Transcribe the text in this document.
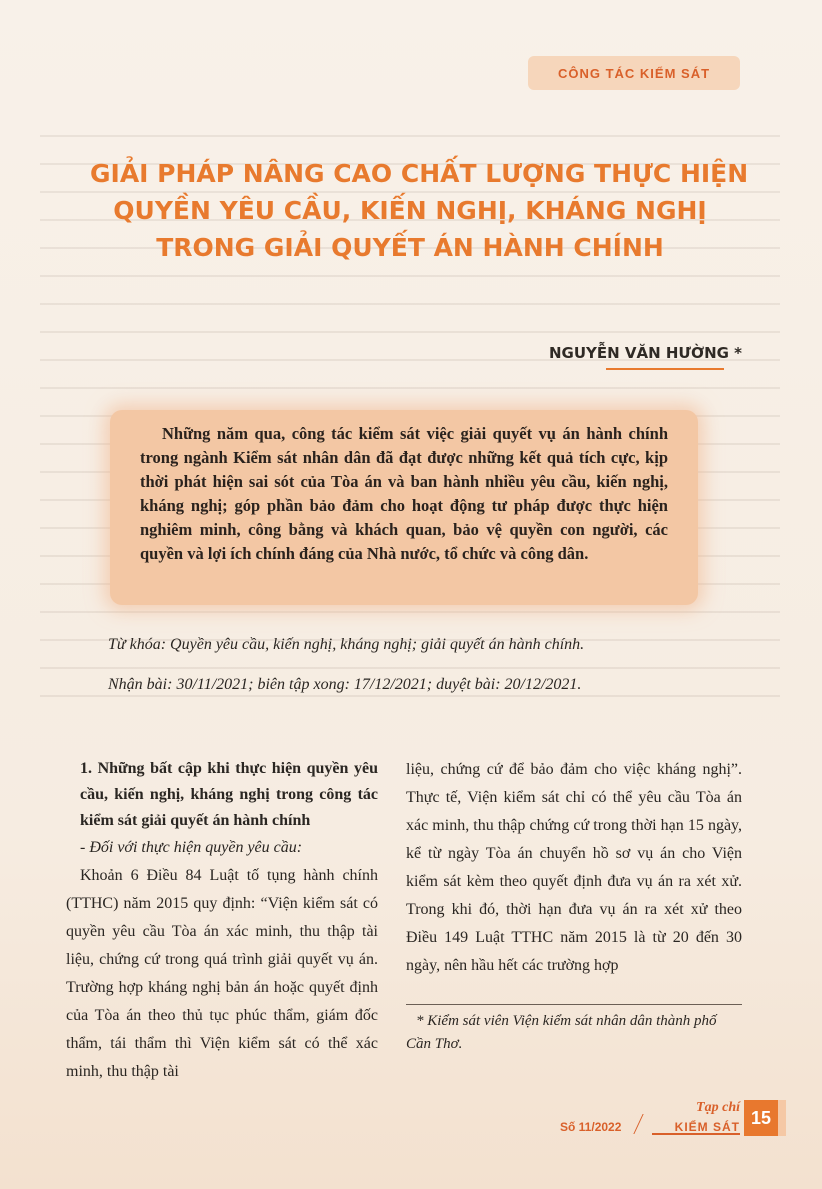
CÔNG TÁC KIỂM SÁT
GIẢI PHÁP NÂNG CAO CHẤT LƯỢNG THỰC HIỆN
QUYỀN YÊU CẦU, KIẾN NGHỊ, KHÁNG NGHỊ
TRONG GIẢI QUYẾT ÁN HÀNH CHÍNH
NGUYỄN VĂN HƯỜNG *
Những năm qua, công tác kiểm sát việc giải quyết vụ án hành chính trong ngành Kiểm sát nhân dân đã đạt được những kết quả tích cực, kịp thời phát hiện sai sót của Tòa án và ban hành nhiều yêu cầu, kiến nghị, kháng nghị; góp phần bảo đảm cho hoạt động tư pháp được thực hiện nghiêm minh, công bằng và khách quan, bảo vệ quyền con người, các quyền và lợi ích chính đáng của Nhà nước, tổ chức và công dân.
Từ khóa: Quyền yêu cầu, kiến nghị, kháng nghị; giải quyết án hành chính.
Nhận bài: 30/11/2021; biên tập xong: 17/12/2021; duyệt bài: 20/12/2021.
1. Những bất cập khi thực hiện quyền yêu cầu, kiến nghị, kháng nghị trong công tác kiểm sát giải quyết án hành chính
- Đối với thực hiện quyền yêu cầu:

Khoản 6 Điều 84 Luật tố tụng hành chính (TTHC) năm 2015 quy định: “Viện kiểm sát có quyền yêu cầu Tòa án xác minh, thu thập tài liệu, chứng cứ trong quá trình giải quyết vụ án. Trường hợp kháng nghị bản án hoặc quyết định của Tòa án theo thủ tục phúc thẩm, giám đốc thẩm, tái thẩm thì Viện kiểm sát có thể xác minh, thu thập tài

liệu, chứng cứ để bảo đảm cho việc kháng nghị”. Thực tế, Viện kiểm sát chỉ có thể yêu cầu Tòa án xác minh, thu thập chứng cứ trong thời hạn 15 ngày, kể từ ngày Tòa án chuyển hồ sơ vụ án cho Viện kiểm sát kèm theo quyết định đưa vụ án ra xét xử. Trong khi đó, thời hạn đưa vụ án ra xét xử theo Điều 149 Luật TTHC năm 2015 là từ 20 đến 30 ngày, nên hầu hết các trường hợp

* Kiểm sát viên Viện kiểm sát nhân dân thành phố Cần Thơ.
Tạp chí
Số 11/2022	KIỂM SÁT 15
